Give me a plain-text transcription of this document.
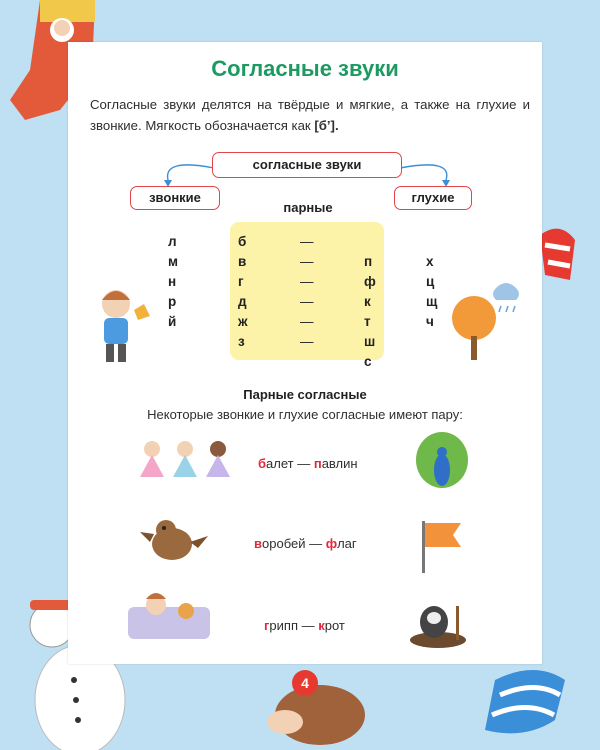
Согласные звуки
Согласные звуки делятся на твёрдые и мягкие, а также на глухие и звонкие. Мягкость обозначается как [б’].
согласные звуки
звонкие	глухие
парные
л
м
н
р
й
б
в
г
д
ж
з
—
—
—
—
—
—
п
ф
к
т
ш
с
х
ц
щ
ч
Парные согласные
Некоторые звонкие и глухие согласные имеют пару:
балет — павлин
воробей — флаг
грипп — крот
4
